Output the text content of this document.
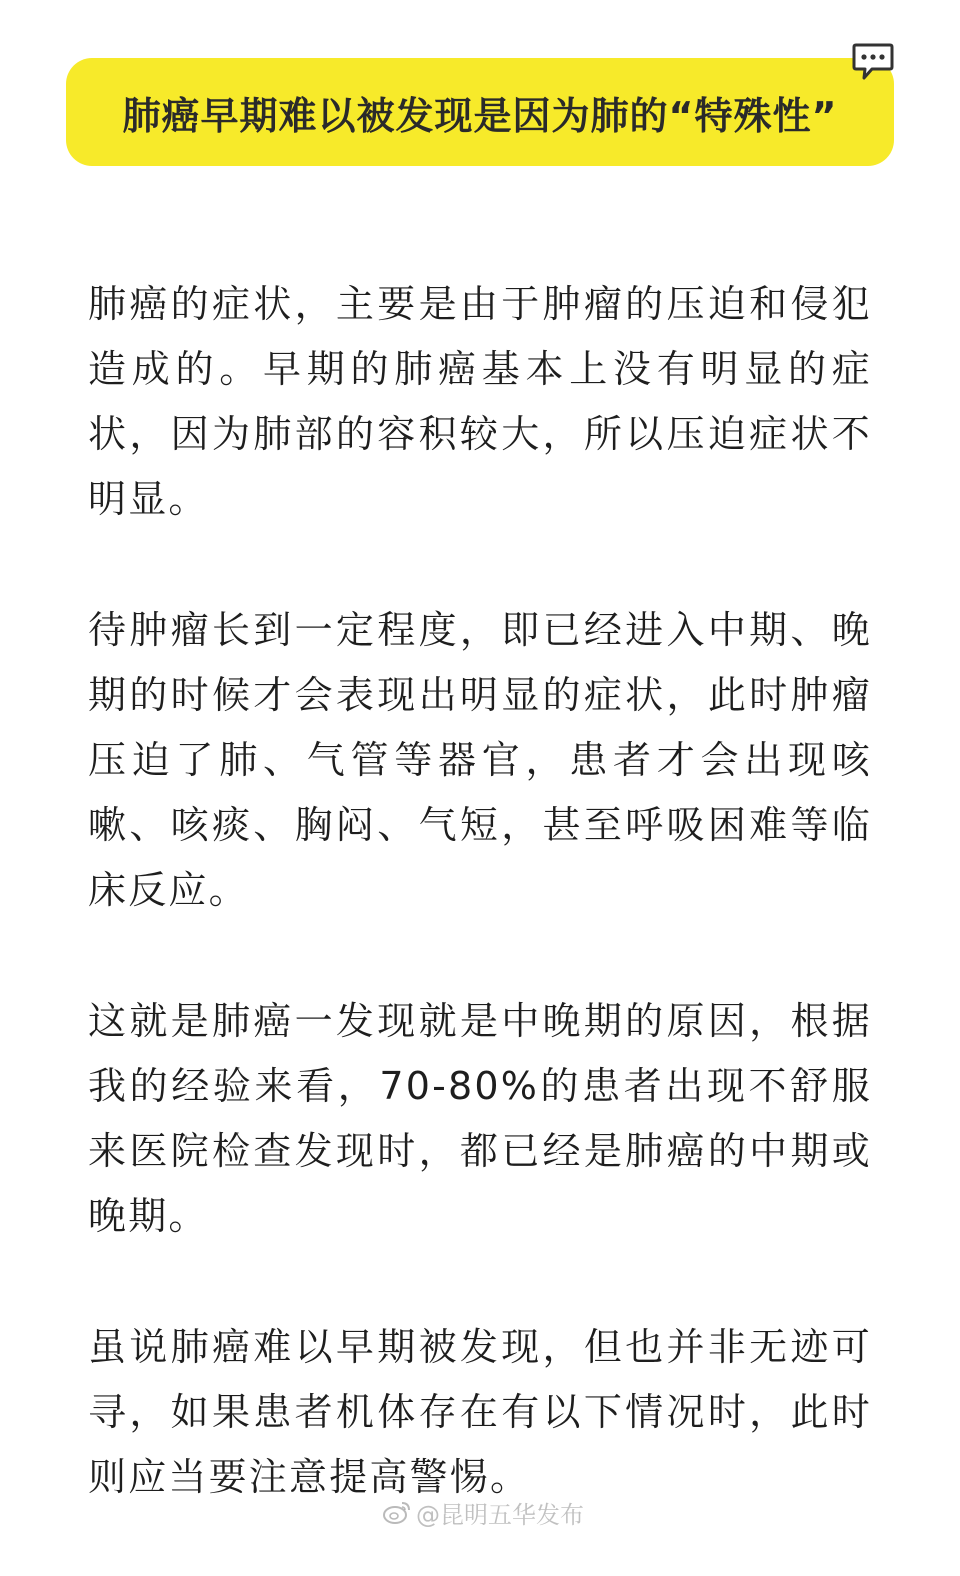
肺癌早期难以被发现是因为肺的“特殊性”

肺癌的症状，主要是由于肿瘤的压迫和侵犯造成的。早期的肺癌基本上没有明显的症状，因为肺部的容积较大，所以压迫症状不明显。

待肿瘤长到一定程度，即已经进入中期、晚期的时候才会表现出明显的症状，此时肿瘤压迫了肺、气管等器官，患者才会出现咳嗽、咳痰、胸闷、气短，甚至呼吸困难等临床反应。

这就是肺癌一发现就是中晚期的原因，根据我的经验来看，70-80%的患者出现不舒服来医院检查发现时，都已经是肺癌的中期或晚期。

虽说肺癌难以早期被发现，但也并非无迹可寻，如果患者机体存在有以下情况时，此时则应当要注意提高警惕。

@昆明五华发布
